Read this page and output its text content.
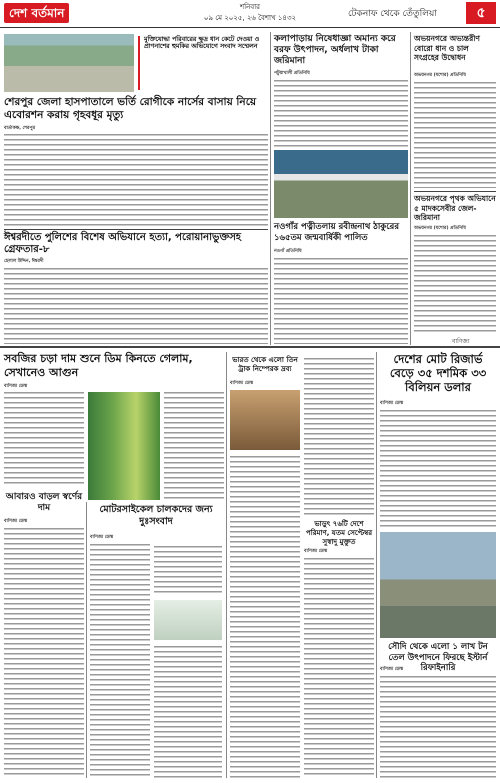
দেশ বর্তমান	শনিবার
০৯ মে ২০২৫, ২৬ বৈশাখ ১৪৩২	টেকনাফ থেকে তেঁতুলিয়া	৫
মুক্তিযোদ্ধা পরিবারের ক্ষুদ্ৰ ধান কেটে দেওয়া ও প্রাণনাশের হুমকির অভিযোগে সংবাদ সম্মেলন
শেরপুর জেলা হাসপাতালে ভর্তি রোগীকে নার্সের বাসায় নিয়ে এবোরশন করায় গৃহবধূর মৃত্যু
বার্তাকক্ষ, শেরপুর
ঈশ্বরদীতে পুলিশের বিশেষ অভিযানে হত্যা, পরোয়ানাভুক্তসহ গ্রেফতার-৮
হেলাল উদ্দিন, ঈশ্বরদী
কলাপাড়ায় নিষেধাজ্ঞা অমান্য করে বরফ উৎপাদন, অর্ধলাখ টাকা জরিমানা
পটুয়াখালী প্রতিনিধি
অভয়নগরে অভ্যন্তরীণ বোরো ধান ও চাল সংগ্রহের উদ্বোধন
অভয়নগর (যশোর) প্রতিনিধি
অভয়নগরে পৃথক অভিযানে ৫ মাদকসেবীর জেল-জরিমানা
অভয়নগর (যশোর) প্রতিনিধি
বাণিজ্য
নওগাঁর পত্নীতলায় রবীন্দ্রনাথ ঠাকুরের ১৬৫তম জন্মবার্ষিকী পালিত
নওগাঁ প্রতিনিধি
সবজির চড়া দাম শুনে ডিম কিনতে গেলাম, সেখানেও আগুন
বাণিজ্য ডেস্ক
আবারও বাড়ল স্বর্ণের দাম
বাণিজ্য ডেস্ক
মোটরসাইকেল চালকদের জন্য দুঃসংবাদ
বাণিজ্য ডেস্ক
ভারত থেকে এলো তিন ট্রাক নিম্পেরক দ্রব্য
বাণিজ্য ডেস্ক
ভাড়ুৎ ৭৬টি দেশে পরিমাণ, যতম সেপ্টেম্বর সুস্বাদু মুক্তুত
বাণিজ্য ডেস্ক
দেশের মোট রিজার্ভ বেড়ে ৩৫ দশমিক ৩৩ বিলিয়ন ডলার
বাণিজ্য ডেস্ক
সৌদি থেকে এলো ১ লাখ টন তেল উৎপাদনে ফিরছে ইস্টার্ন রিফাইনারি
বাণিজ্য ডেস্ক
